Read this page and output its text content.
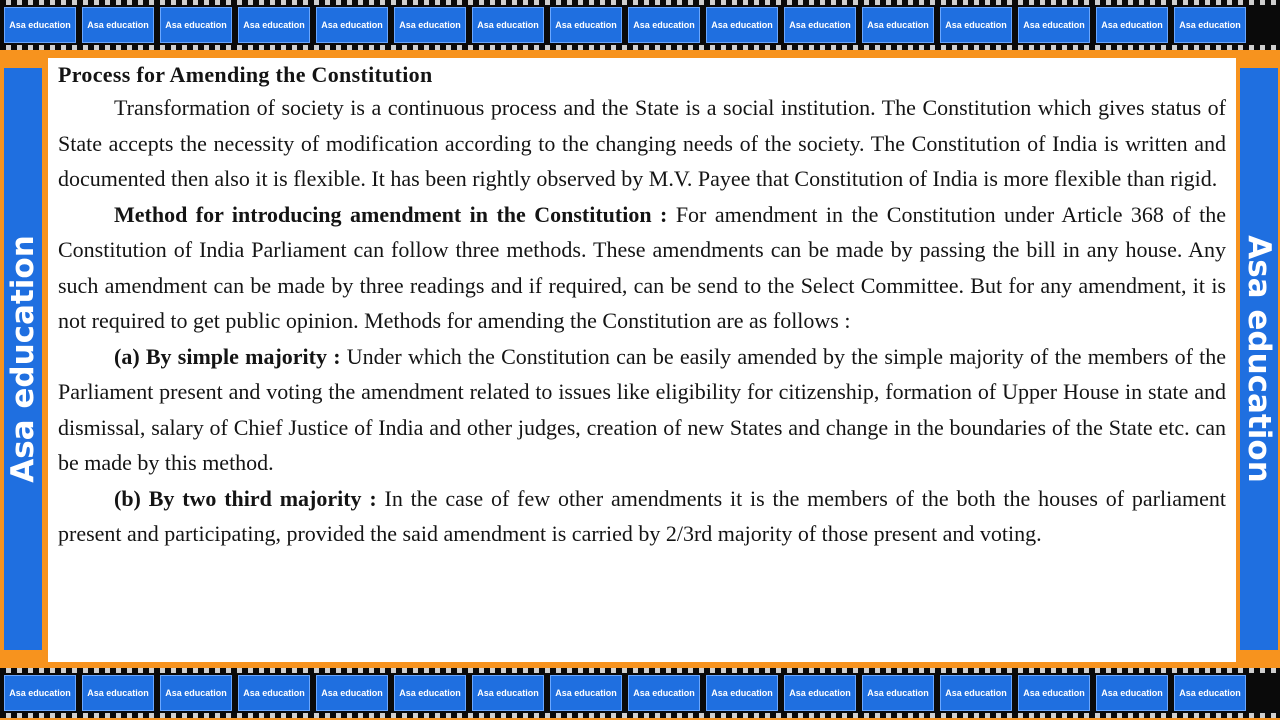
Asa education	Asa education	Asa education	Asa education	Asa education	Asa education	Asa education	Asa education	Asa education	Asa education	Asa education	Asa education	Asa education	Asa education	Asa education	Asa education
Asa education	Asa education
Process for Amending the Constitution

Transformation of society is a continuous process and the State is a social institution. The Constitution which gives status of State accepts the necessity of modification according to the changing needs of the society. The Constitution of India is written and documented then also it is flexible. It has been rightly observed by M.V. Payee that Constitution of India is more flexible than rigid.

Method for introducing amendment in the Constitution : For amendment in the Constitution under Article 368 of the Constitution of India Parliament can follow three methods. These amendments can be made by passing the bill in any house. Any such amendment can be made by three readings and if required, can be send to the Select Committee. But for any amendment, it is not required to get public opinion. Methods for amending the Constitution are as follows :

(a) By simple majority : Under which the Constitution can be easily amended by the simple majority of the members of the Parliament present and voting the amendment related to issues like eligibility for citizenship, formation of Upper House in state and dismissal, salary of Chief Justice of India and other judges, creation of new States and change in the boundaries of the State etc. can be made by this method.

(b) By two third majority : In the case of few other amendments it is the members of the both the houses of parliament present and participating, provided the said amendment is carried by 2/3rd majority of those present and voting.

Asa education	Asa education	Asa education	Asa education	Asa education	Asa education	Asa education	Asa education	Asa education	Asa education	Asa education	Asa education	Asa education	Asa education	Asa education	Asa education
